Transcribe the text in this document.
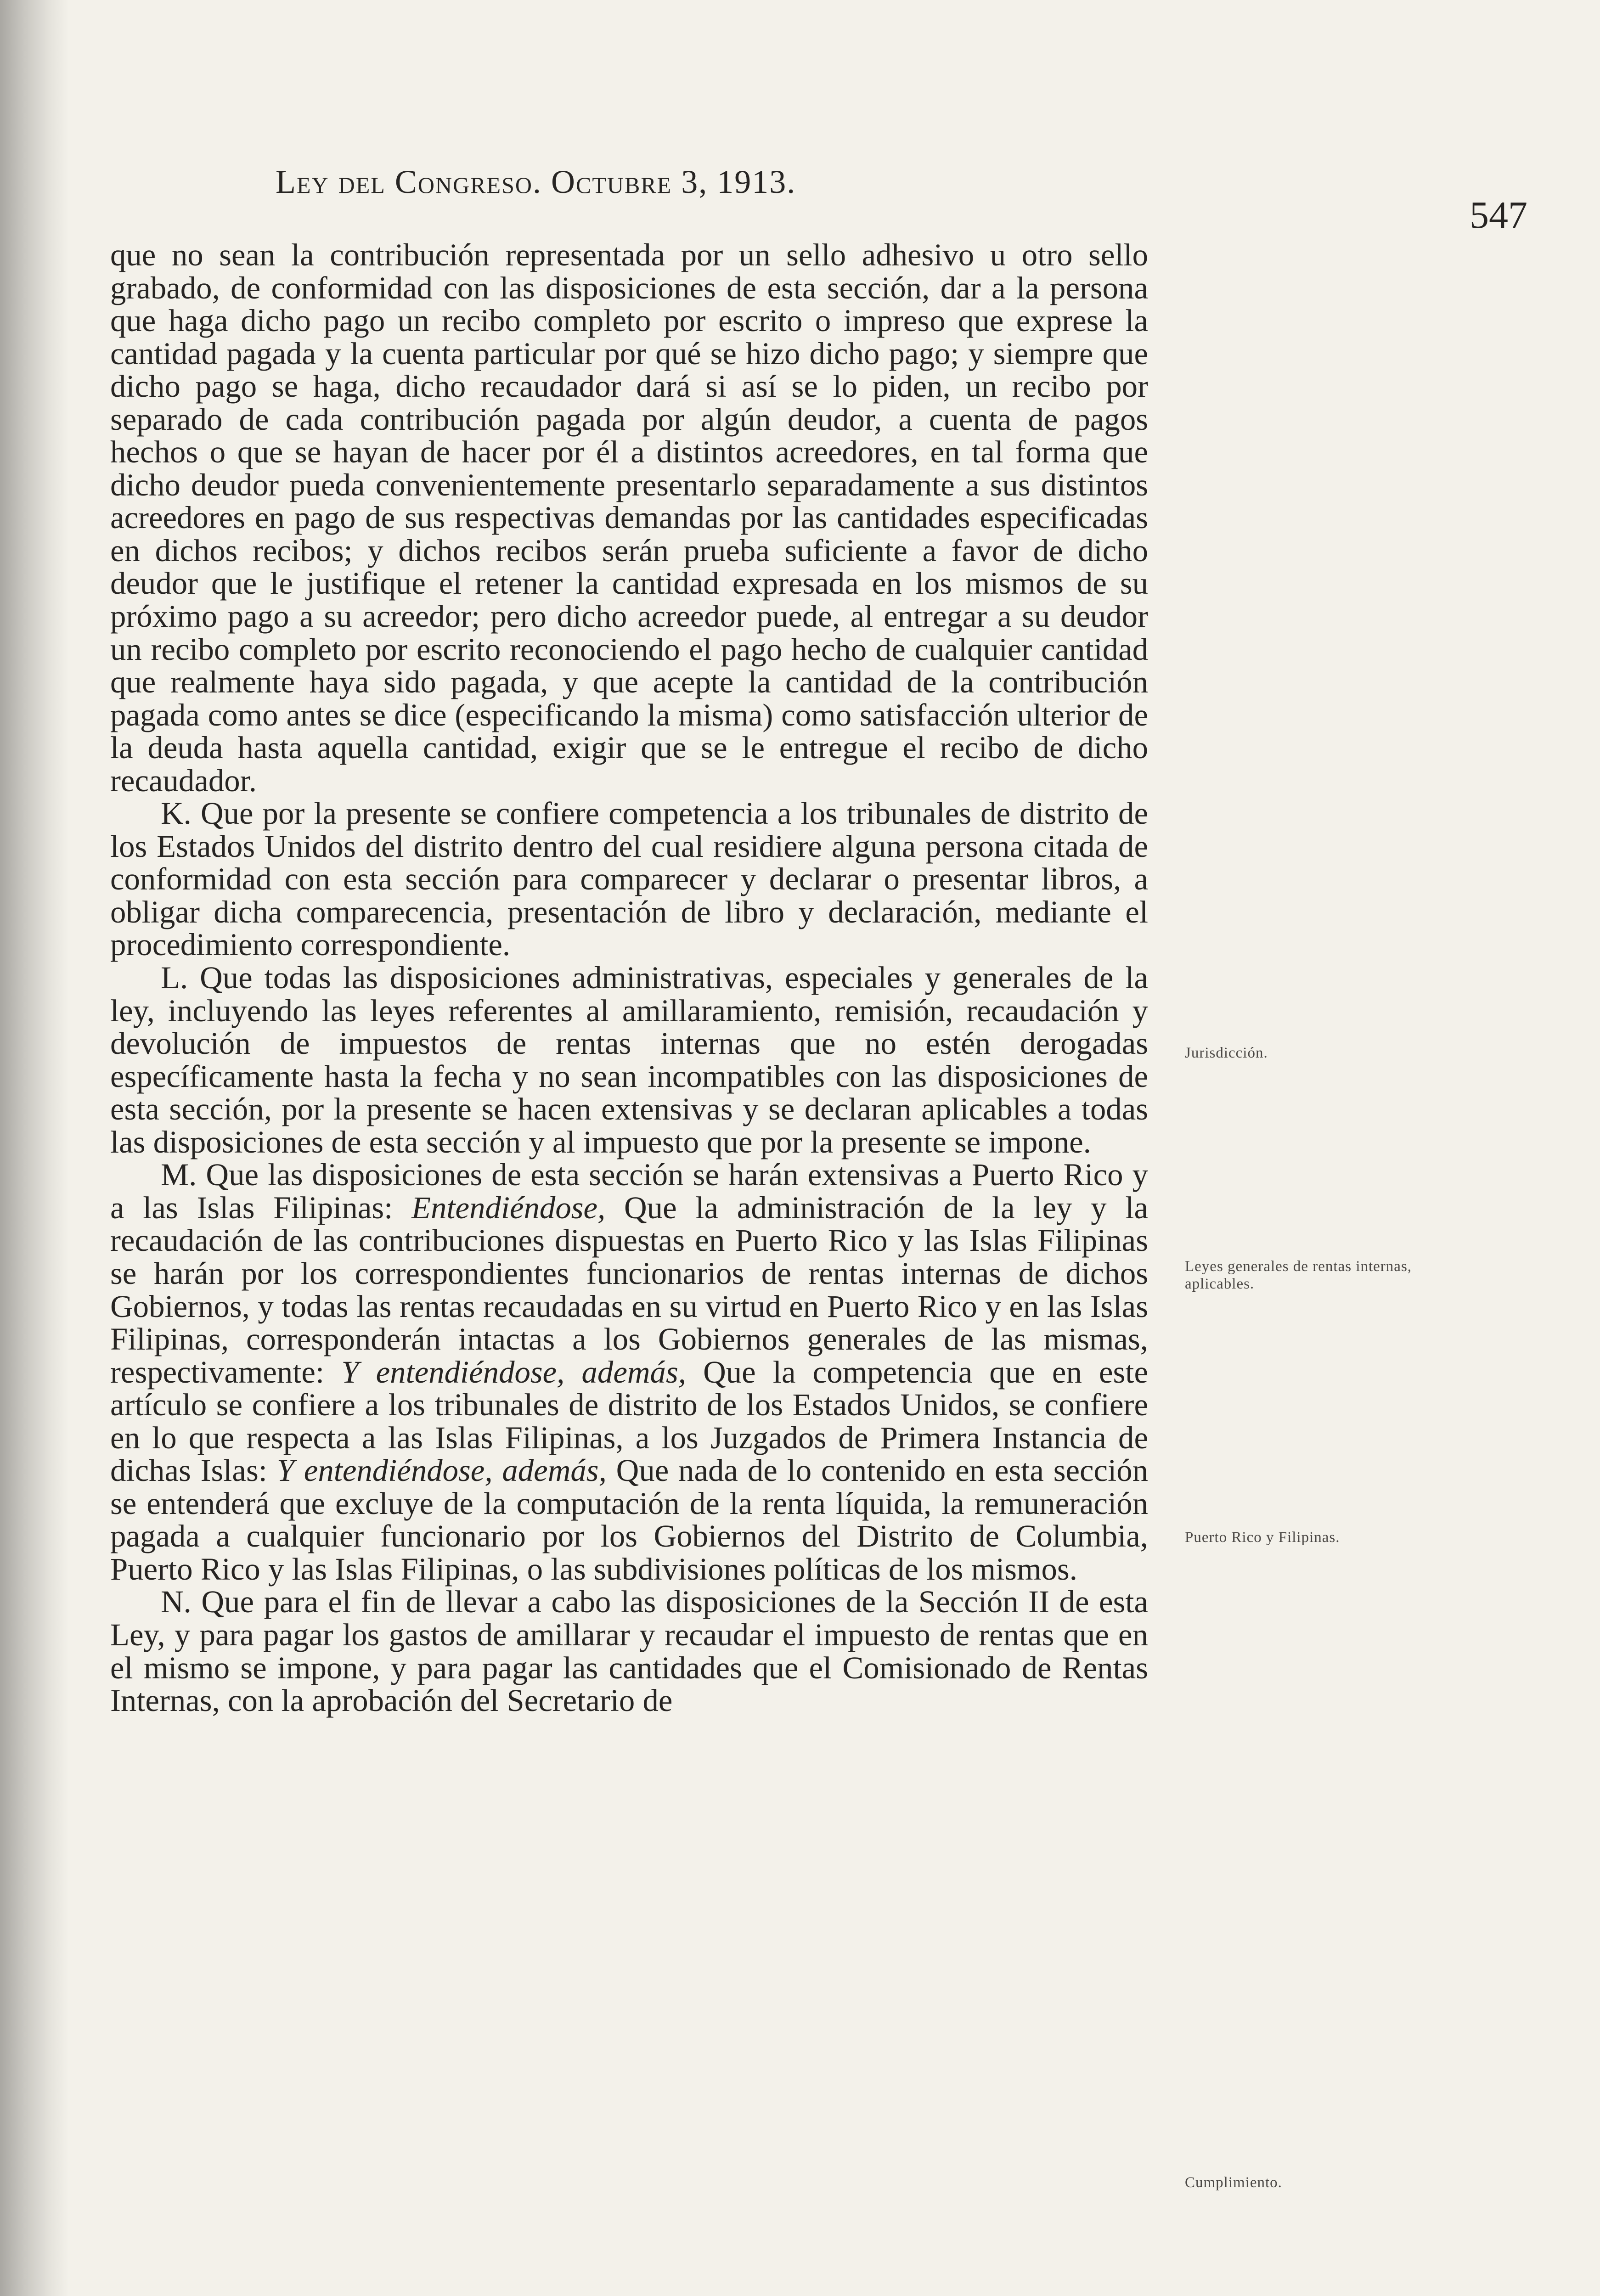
Ley del Congreso. Octubre 3, 1913.
547

que no sean la contribución representada por un sello adhesivo u otro sello grabado, de conformidad con las disposiciones de esta sección, dar a la persona que haga dicho pago un recibo completo por escrito o impreso que exprese la cantidad pagada y la cuenta particular por qué se hizo dicho pago; y siempre que dicho pago se haga, dicho recaudador dará si así se lo piden, un recibo por separado de cada contribución pagada por algún deudor, a cuenta de pagos hechos o que se hayan de hacer por él a distintos acreedores, en tal forma que dicho deudor pueda convenientemente presentarlo separadamente a sus distintos acreedores en pago de sus respectivas demandas por las cantidades especificadas en dichos recibos; y dichos recibos serán prueba suficiente a favor de dicho deudor que le justifique el retener la cantidad expresada en los mismos de su próximo pago a su acreedor; pero dicho acreedor puede, al entregar a su deudor un recibo completo por escrito reconociendo el pago hecho de cualquier cantidad que realmente haya sido pagada, y que acepte la cantidad de la contribución pagada como antes se dice (especificando la misma) como satisfacción ulterior de la deuda hasta aquella cantidad, exigir que se le entregue el recibo de dicho recaudador.

K. Que por la presente se confiere competencia a los tribunales de distrito de los Estados Unidos del distrito dentro del cual residiere alguna persona citada de conformidad con esta sección para comparecer y declarar o presentar libros, a obligar dicha comparecencia, presentación de libro y declaración, mediante el procedimiento correspondiente.

L. Que todas las disposiciones administrativas, especiales y generales de la ley, incluyendo las leyes referentes al amillaramiento, remisión, recaudación y devolución de impuestos de rentas internas que no estén derogadas específicamente hasta la fecha y no sean incompatibles con las disposiciones de esta sección, por la presente se hacen extensivas y se declaran aplicables a todas las disposiciones de esta sección y al impuesto que por la presente se impone.

M. Que las disposiciones de esta sección se harán extensivas a Puerto Rico y a las Islas Filipinas: Entendiéndose, Que la administración de la ley y la recaudación de las contribuciones dispuestas en Puerto Rico y las Islas Filipinas se harán por los correspondientes funcionarios de rentas internas de dichos Gobiernos, y todas las rentas recaudadas en su virtud en Puerto Rico y en las Islas Filipinas, corresponderán intactas a los Gobiernos generales de las mismas, respectivamente: Y entendiéndose, además, Que la competencia que en este artículo se confiere a los tribunales de distrito de los Estados Unidos, se confiere en lo que respecta a las Islas Filipinas, a los Juzgados de Primera Instancia de dichas Islas: Y entendiéndose, además, Que nada de lo contenido en esta sección se entenderá que excluye de la computación de la renta líquida, la remuneración pagada a cualquier funcionario por los Gobiernos del Distrito de Columbia, Puerto Rico y las Islas Filipinas, o las subdivisiones políticas de los mismos.

N. Que para el fin de llevar a cabo las disposiciones de la Sección II de esta Ley, y para pagar los gastos de amillarar y recaudar el impuesto de rentas que en el mismo se impone, y para pagar las cantidades que el Comisionado de Rentas Internas, con la aprobación del Secretario de

Jurisdicción.
Leyes generales de rentas internas, aplicables.
Puerto Rico y Filipinas.
Cumplimiento.
